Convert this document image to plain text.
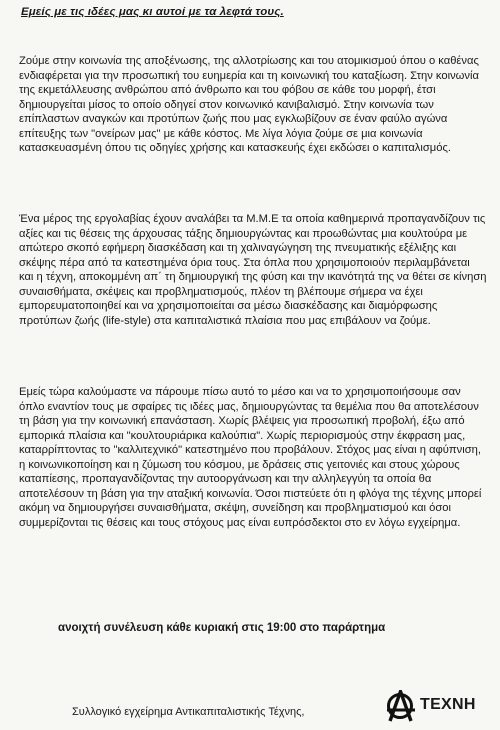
Εμείς με τις ιδέες μας κι αυτοί με τα λεφτά τους.

Ζούμε στην κοινωνία της αποξένωσης, της αλλοτρίωσης και του ατομικισμού όπου ο καθένας ενδιαφέρεται για την προσωπική του ευημερία και τη κοινωνική του καταξίωση. Στην κοινωνία της εκμετάλλευσης ανθρώπου από άνθρωπο και του φόβου σε κάθε του μορφή, έτσι δημιουργείται μίσος το οποίο οδηγεί στον κοινωνικό κανιβαλισμό. Στην κοινωνία των επίπλαστων αναγκών και προτύπων ζωής που μας εγκλωβίζουν σε έναν φαύλο αγώνα επίτευξης των "ονείρων μας" με κάθε κόστος. Με λίγα λόγια ζούμε σε μια κοινωνία κατασκευασμένη όπου τις οδηγίες χρήσης και κατασκευής έχει εκδώσει ο καπιταλισμός.

Ένα μέρος της εργολαβίας έχουν αναλάβει τα Μ.Μ.Ε τα οποία καθημερινά προπαγανδίζουν τις αξίες και τις θέσεις της άρχουσας τάξης δημιουργώντας και προωθώντας μια κουλτούρα με απώτερο σκοπό εφήμερη διασκέδαση και τη χαλιναγώγηση της πνευματικής εξέλιξης και σκέψης πέρα από τα κατεστημένα όρια τους. Στα όπλα που χρησιμοποιούν περιλαμβάνεται και η τέχνη, αποκομμένη απ΄ τη δημιουργική της φύση και την ικανότητά της να θέτει σε κίνηση συναισθήματα, σκέψεις και προβληματισμούς, πλέον τη βλέπουμε σήμερα να έχει εμπορευματοποιηθεί και να χρησιμοποιείται σα μέσω διασκέδασης και διαμόρφωσης προτύπων ζωής (life-style) στα καπιταλιστικά πλαίσια που μας επιβάλουν να ζούμε.

Εμείς τώρα καλούμαστε να πάρουμε πίσω αυτό το μέσο και να το χρησιμοποιήσουμε σαν όπλο εναντίον τους με σφαίρες τις ιδέες μας, δημιουργώντας τα θεμέλια που θα αποτελέσουν τη βάση για την κοινωνική επανάσταση. Χωρίς βλέψεις για προσωπική προβολή, έξω από εμπορικά πλαίσια και "κουλτουριάρικα καλούπια". Χωρίς περιορισμούς στην έκφραση μας, καταρρίπτοντας το "καλλιτεχνικό" κατεστημένο που προβάλουν. Στόχος μας είναι η αφύπνιση, η κοινωνικοποίηση και η ζύμωση του κόσμου, με δράσεις στις γειτονιές και στους χώρους καταπίεσης, προπαγανδίζοντας την αυτοοργάνωση και την αλληλεγγύη τα οποία θα αποτελέσουν τη βάση για την αταξική κοινωνία. Όσοι πιστεύετε ότι η φλόγα της τέχνης μπορεί ακόμη να δημιουργήσει συναισθήματα, σκέψη, συνείδηση και προβληματισμού και όσοι συμμερίζονται τις θέσεις και τους στόχους μας είναι ευπρόσδεκτοι στο εν λόγω εγχείρημα.

ανοιχτή συνέλευση κάθε κυριακή στις 19:00 στο παράρτημα
Συλλογικό εγχείρημα Αντικαπιταλιστικής Τέχνης,	ΤΕΧΝΗ
